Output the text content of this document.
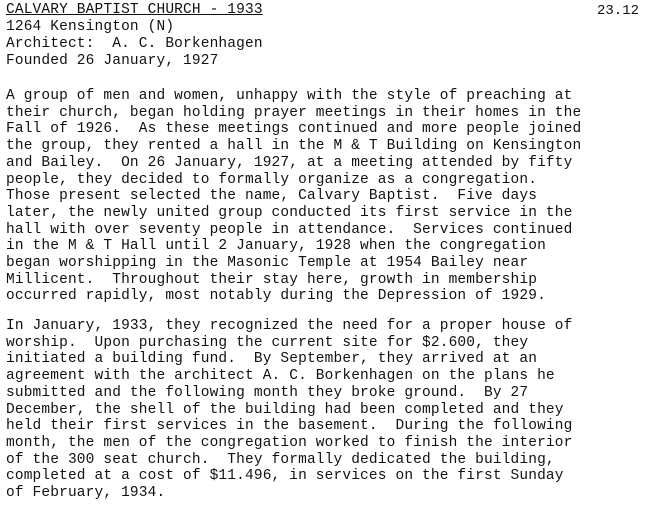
CALVARY BAPTIST CHURCH - 1933
1264 Kensington (N)
Architect:  A. C. Borkenhagen
Founded 26 January, 1927
23.12
A group of men and women, unhappy with the style of preaching at
their church, began holding prayer meetings in their homes in the
Fall of 1926.  As these meetings continued and more people joined
the group, they rented a hall in the M & T Building on Kensington
and Bailey.  On 26 January, 1927, at a meeting attended by fifty
people, they decided to formally organize as a congregation.
Those present selected the name, Calvary Baptist.  Five days
later, the newly united group conducted its first service in the
hall with over seventy people in attendance.  Services continued
in the M & T Hall until 2 January, 1928 when the congregation
began worshipping in the Masonic Temple at 1954 Bailey near
Millicent.  Throughout their stay here, growth in membership
occurred rapidly, most notably during the Depression of 1929.
In January, 1933, they recognized the need for a proper house of
worship.  Upon purchasing the current site for $2.600, they
initiated a building fund.  By September, they arrived at an
agreement with the architect A. C. Borkenhagen on the plans he
submitted and the following month they broke ground.  By 27
December, the shell of the building had been completed and they
held their first services in the basement.  During the following
month, the men of the congregation worked to finish the interior
of the 300 seat church.  They formally dedicated the building,
completed at a cost of $11.496, in services on the first Sunday
of February, 1934.
